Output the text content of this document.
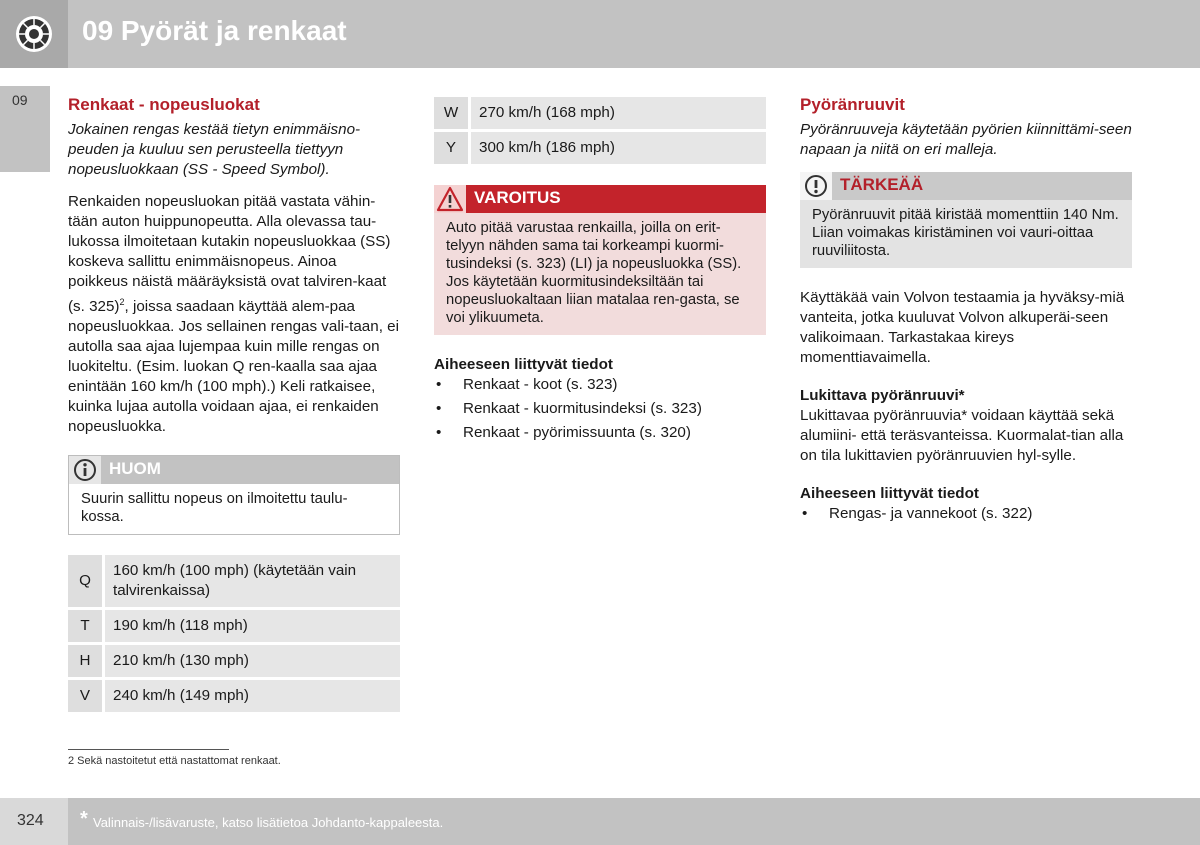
09 Pyörät ja renkaat
09 Renkaat - nopeusluokat

Jokainen rengas kestää tietyn enimmäisno-peuden ja kuuluu sen perusteella tiettyyn nopeusluokkaan (SS - Speed Symbol).

Renkaiden nopeusluokan pitää vastata vähin-tään auton huippunopeutta. Alla olevassa tau-lukossa ilmoitetaan kutakin nopeusluokkaa (SS) koskeva sallittu enimmäisnopeus. Ainoa poikkeus näistä määräyksistä ovat talviren-kaat (s. 325)$^2$, joissa saadaan käyttää alem-paa nopeusluokkaa. Jos sellainen rengas vali-taan, ei autolla saa ajaa lujempaa kuin mille rengas on luokiteltu. (Esim. luokan Q ren-kaalla saa ajaa enintään 160 km/h (100 mph).) Keli ratkaisee, kuinka lujaa autolla voidaan ajaa, ei renkaiden nopeusluokka.

HUOM
Suurin sallittu nopeus on ilmoitettu taulu-kossa.
Q	160 km/h (100 mph) (käytetään vain talvirenkaissa)
T	190 km/h (118 mph)
H	210 km/h (130 mph)
V	240 km/h (149 mph)
W	270 km/h (168 mph)
Y	300 km/h (186 mph)
VAROITUS
Auto pitää varustaa renkailla, joilla on erit-telyyn nähden sama tai korkeampi kuormi-tusindeksi (s. 323) (LI) ja nopeusluokka (SS). Jos käytetään kuormitusindeksiltään tai nopeusluokaltaan liian matalaa ren-gasta, se voi ylikuumeta.
Aiheeseen liittyvät tiedot
• Renkaat - koot (s. 323)
• Renkaat - kuormitusindeksi (s. 323)
• Renkaat - pyörimissuunta (s. 320)
Pyöränruuvit

Pyöränruuveja käytetään pyörien kiinnittämi-seen napaan ja niitä on eri malleja.

TÄRKEÄÄ
Pyöränruuvit pitää kiristää momenttiin 140 Nm. Liian voimakas kiristäminen voi vauri-oittaa ruuviliitosta.

Käyttäkää vain Volvon testaamia ja hyväksy-miä vanteita, jotka kuuluvat Volvon alkuperäi-seen valikoimaan. Tarkastakaa kireys momenttiavaimella.

Lukittava pyöränruuvi*

Lukittavaa pyöränruuvia* voidaan käyttää sekä alumiini- että teräsvanteissa. Kuormalat-tian alla on tila lukittavien pyöränruuvien hyl-sylle.

Aiheeseen liittyvät tiedot
• Rengas- ja vannekoot (s. 322)
2 Sekä nastoitetut että nastattomat renkaat.
324 * Valinnais-/lisävaruste, katso lisätietoa Johdanto-kappaleesta.
